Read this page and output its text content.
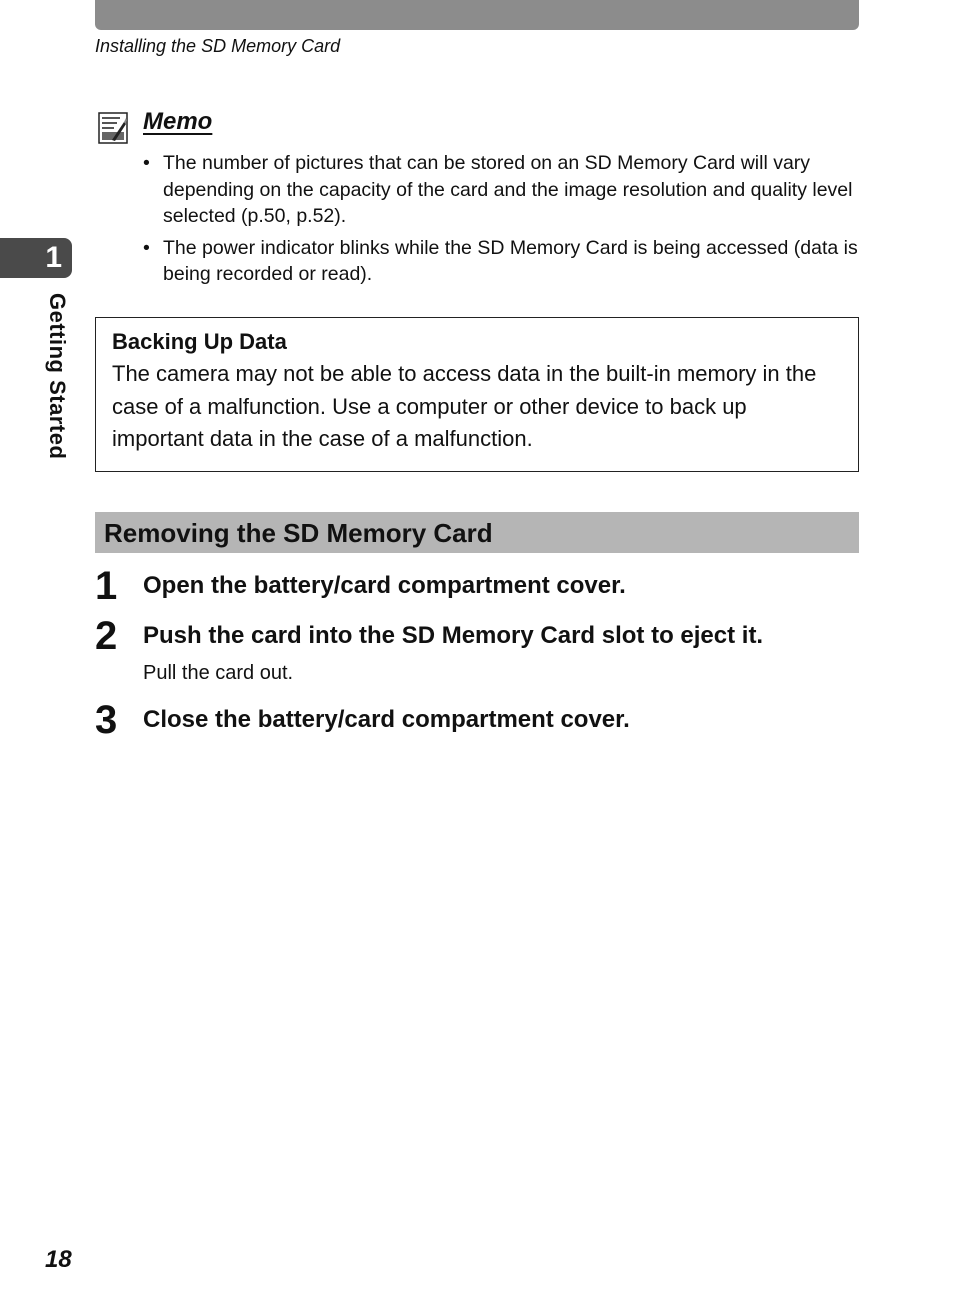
Installing the SD Memory Card
1
Getting Started
Memo
• The number of pictures that can be stored on an SD Memory Card will vary depending on the capacity of the card and the image resolution and quality level selected (p.50, p.52).
• The power indicator blinks while the SD Memory Card is being accessed (data is being recorded or read).
Backing Up Data
The camera may not be able to access data in the built-in memory in the case of a malfunction. Use a computer or other device to back up important data in the case of a malfunction.
Removing the SD Memory Card
1 Open the battery/card compartment cover.
2 Push the card into the SD Memory Card slot to eject it.
Pull the card out.
3 Close the battery/card compartment cover.
18
